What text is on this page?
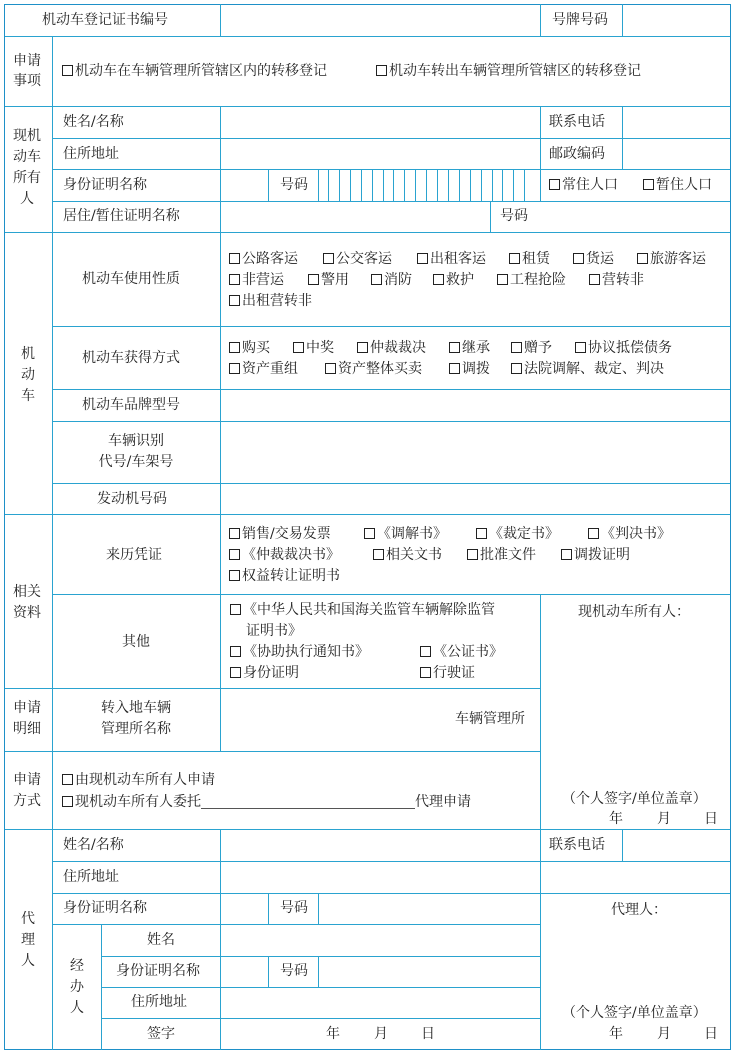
机动车登记证书编号	号牌号码
申请
事项
机动车在车辆管理所管辖区内的转移登记	机动车转出车辆管理所管辖区的转移登记
现机
动车
所有
人
姓名/名称	联系电话
住所地址	邮政编码
身份证明名称	号码	常住人口	暂住人口
居住/暂住证明名称	号码
机
动
车
机动车使用性质
公路客运	公交客运	出租客运	租赁	货运	旅游客运
非营运	警用	消防	救护	工程抢险	营转非
出租营转非
机动车获得方式
购买	中奖	仲裁裁决	继承	赠予	协议抵偿债务
资产重组	资产整体买卖	调拨	法院调解、裁定、判决
机动车品牌型号
车辆识别
代号/车架号
发动机号码
相关
资料
来历凭证
销售/交易发票	《调解书》	《裁定书》	《判决书》
《仲裁裁决书》	相关文书	批准文件	调拨证明
权益转让证明书
其他
《中华人民共和国海关监管车辆解除监管
证明书》
《协助执行通知书》	《公证书》
身份证明	行驶证
现机动车所有人：
（个人签字/单位盖章）
年 月 日
申请
明细
转入地车辆
管理所名称
车辆管理所
申请
方式
由现机动车所有人申请
现机动车所有人委托	代理申请
代
理
人
姓名/名称	联系电话
住所地址
身份证明名称	号码	代理人：
（个人签字/单位盖章）
年 月 日
经
办
人
姓名
身份证明名称	号码
住所地址
签字	年 月 日
